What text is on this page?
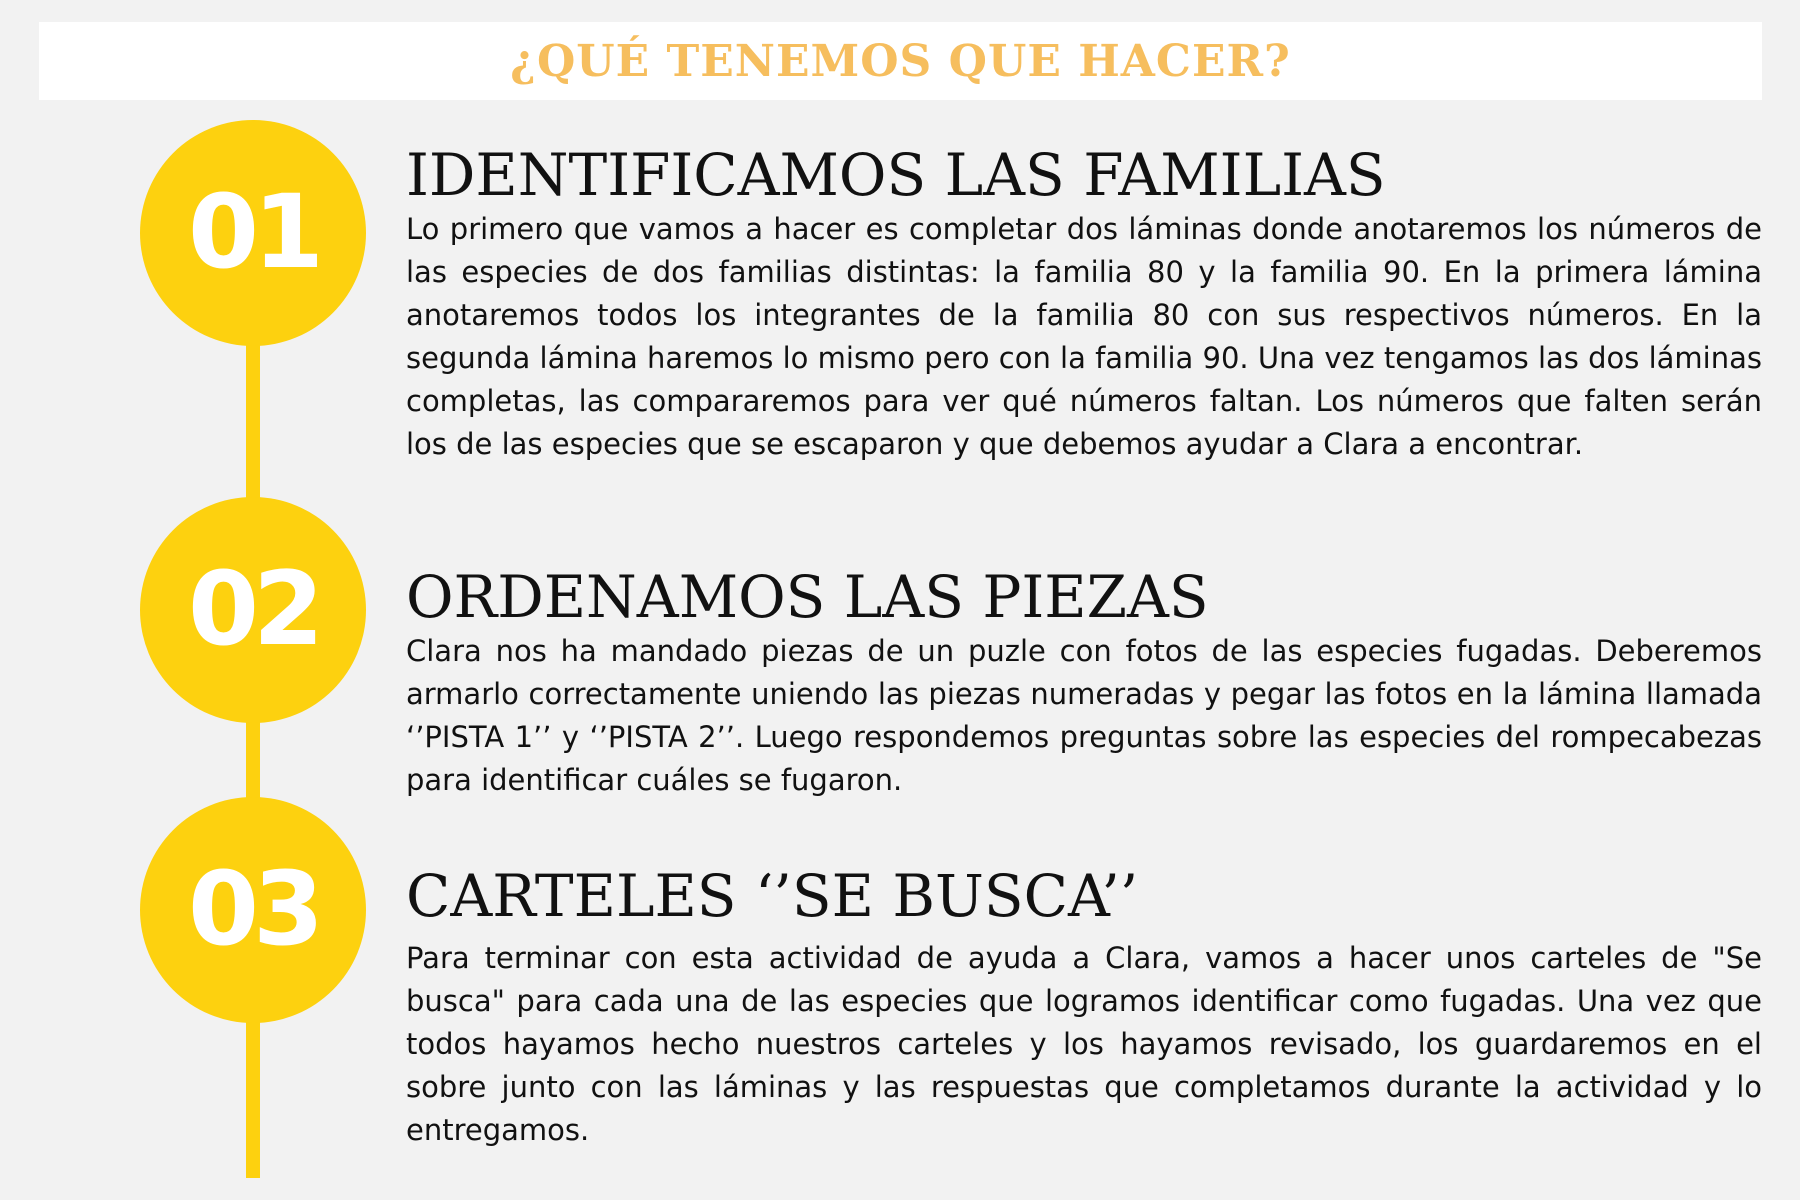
¿QUÉ TENEMOS QUE HACER?
01
02
03
IDENTIFICAMOS LAS FAMILIAS

Lo primero que vamos a hacer es completar dos láminas donde anotaremos los números de las especies de dos familias distintas: la familia 80 y la familia 90. En la primera lámina anotaremos todos los integrantes de la familia 80 con sus respectivos números. En la segunda lámina haremos lo mismo pero con la familia 90. Una vez tengamos las dos láminas completas, las compararemos para ver qué números faltan. Los números que falten serán los de las especies que se escaparon y que debemos ayudar a Clara a encontrar.

ORDENAMOS LAS PIEZAS

Clara nos ha mandado piezas de un puzle con fotos de las especies fugadas. Deberemos armarlo correctamente uniendo las piezas numeradas y pegar las fotos en la lámina llamada ‘’PISTA 1’’ y ‘’PISTA 2’’. Luego respondemos preguntas sobre las especies del rompecabezas para identificar cuáles se fugaron.

CARTELES ‘’SE BUSCA’’

Para terminar con esta actividad de ayuda a Clara, vamos a hacer unos carteles de "Se busca" para cada una de las especies que logramos identificar como fugadas. Una vez que todos hayamos hecho nuestros carteles y los hayamos revisado, los guardaremos en el sobre junto con las láminas y las respuestas que completamos durante la actividad y lo entregamos.
